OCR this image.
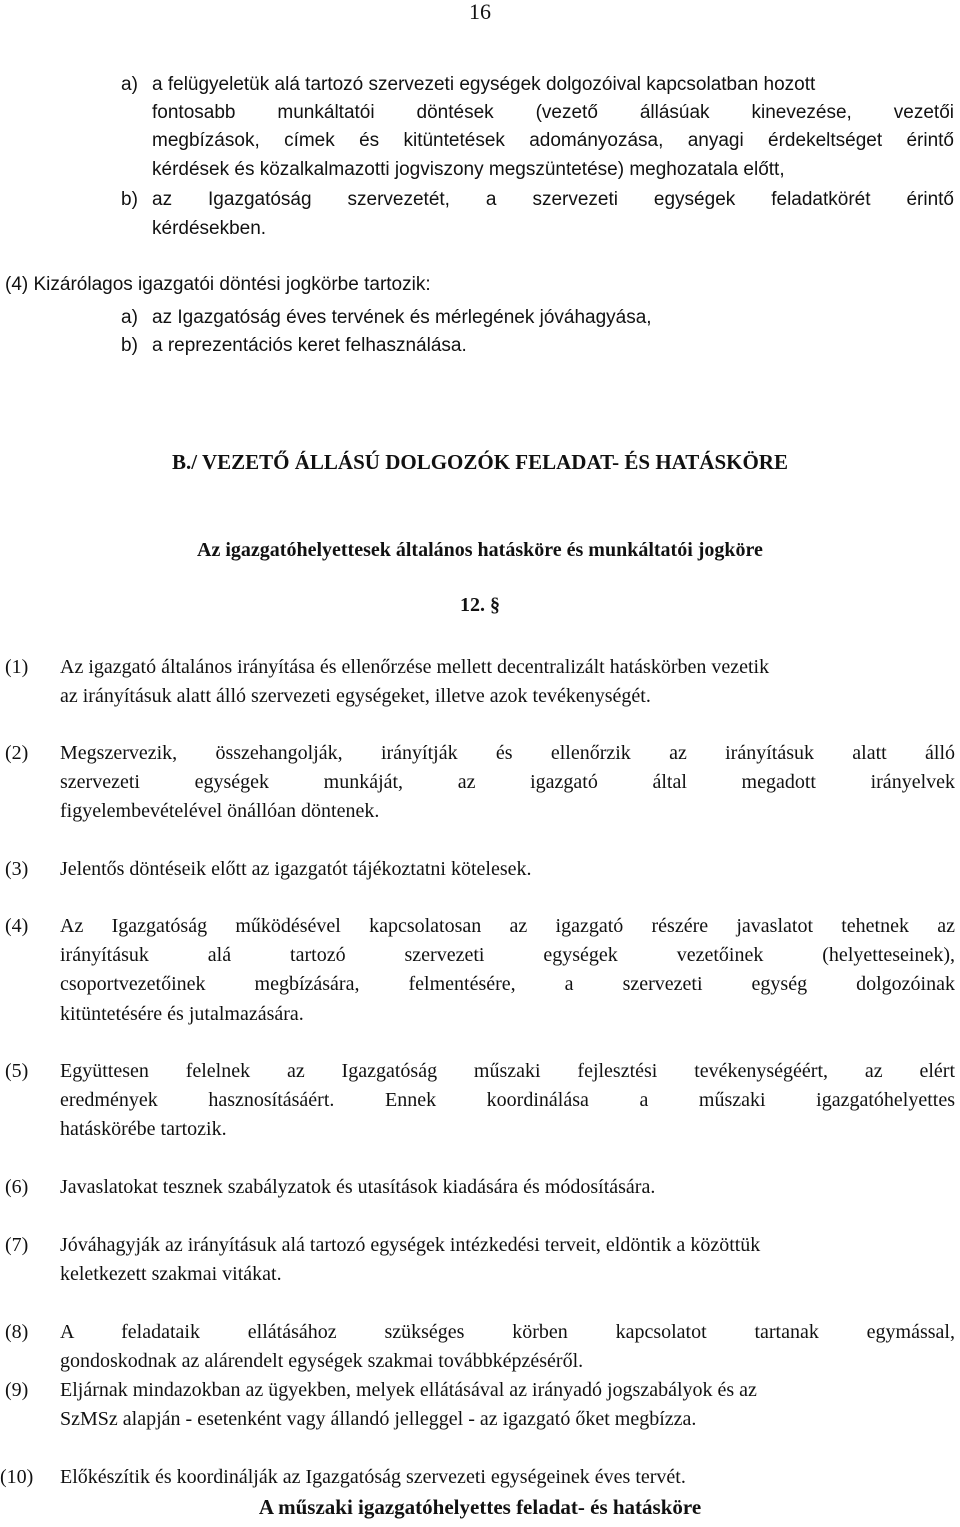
16
a) a felügyeletük alá tartozó szervezeti egységek dolgozóival kapcsolatban hozott
fontosabb munkáltatói döntések (vezető állásúak kinevezése, vezetői
megbízások, címek és kitüntetések adományozása, anyagi érdekeltséget érintő
kérdések és közalkalmazotti jogviszony megszüntetése) meghozatala előtt,
b) az Igazgatóság szervezetét, a szervezeti egységek feladatkörét érintő
kérdésekben.
(4) Kizárólagos igazgatói döntési jogkörbe tartozik:
a) az Igazgatóság éves tervének és mérlegének jóváhagyása,
b) a reprezentációs keret felhasználása.
B./ VEZETŐ ÁLLÁSÚ DOLGOZÓK FELADAT- ÉS HATÁSKÖRE
Az igazgatóhelyettesek általános hatásköre és munkáltatói jogköre
12. §
(1) Az igazgató általános irányítása és ellenőrzése mellett decentralizált hatáskörben vezetik
az irányításuk alatt álló szervezeti egységeket, illetve azok tevékenységét.
(2) Megszervezik, összehangolják, irányítják és ellenőrzik az irányításuk alatt álló
szervezeti egységek munkáját, az igazgató által megadott irányelvek
figyelembevételével önállóan döntenek.
(3) Jelentős döntéseik előtt az igazgatót tájékoztatni kötelesek.
(4) Az Igazgatóság működésével kapcsolatosan az igazgató részére javaslatot tehetnek az
irányításuk alá tartozó szervezeti egységek vezetőinek (helyetteseinek),
csoportvezetőinek megbízására, felmentésére, a szervezeti egység dolgozóinak
kitüntetésére és jutalmazására.
(5) Együttesen felelnek az Igazgatóság műszaki fejlesztési tevékenységéért, az elért
eredmények hasznosításáért. Ennek koordinálása a műszaki igazgatóhelyettes
hatáskörébe tartozik.
(6) Javaslatokat tesznek szabályzatok és utasítások kiadására és módosítására.
(7) Jóváhagyják az irányításuk alá tartozó egységek intézkedési terveit, eldöntik a közöttük
keletkezett szakmai vitákat.
(8) A feladataik ellátásához szükséges körben kapcsolatot tartanak egymással,
gondoskodnak az alárendelt egységek szakmai továbbképzéséről.
(9) Eljárnak mindazokban az ügyekben, melyek ellátásával az irányadó jogszabályok és az
SzMSz alapján - esetenként vagy állandó jelleggel - az igazgató őket megbízza.
(10) Előkészítik és koordinálják az Igazgatóság szervezeti egységeinek éves tervét.
A műszaki igazgatóhelyettes feladat- és hatásköre
